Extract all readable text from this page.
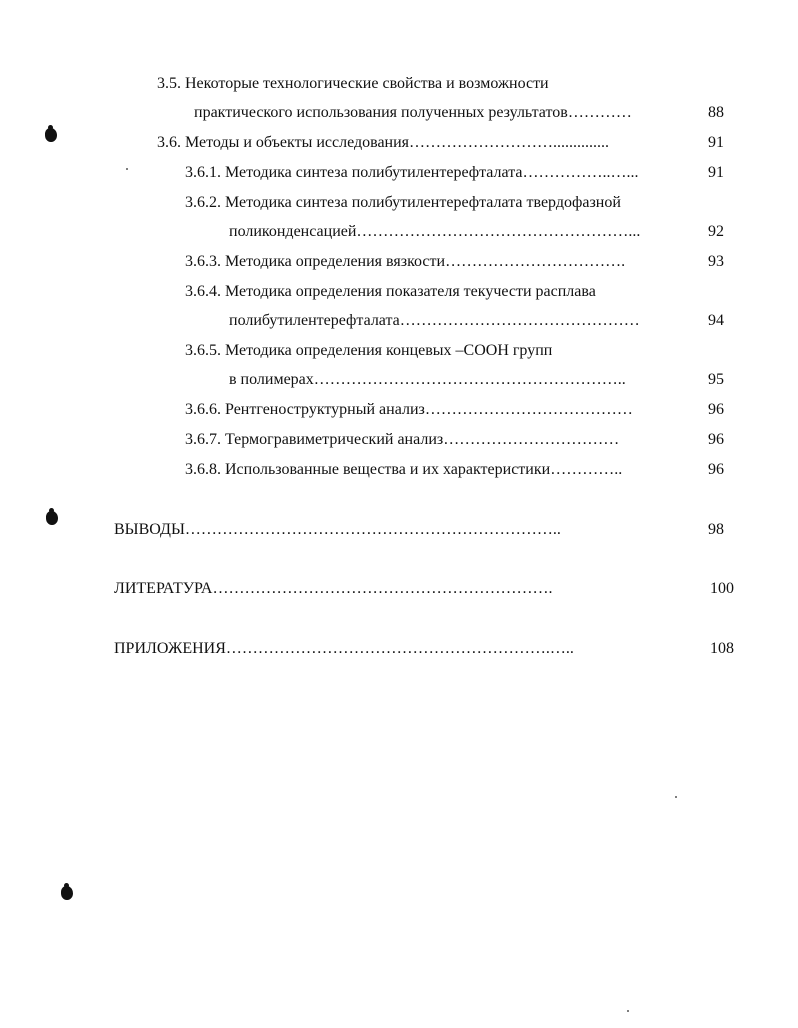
3.5. Некоторые технологические свойства и возможности
практического использования полученных результатов…………	88
3.6. Методы и объекты исследования………………………..............	91
3.6.1. Методика синтеза полибутилентерефталата……………..…...	91
3.6.2. Методика синтеза полибутилентерефталата твердофазной
поликонденсацией……………………………………………...	92
3.6.3. Методика определения вязкости…………………………….	93
3.6.4. Методика определения показателя текучести расплава
полибутилентерефталата………………………………………	94
3.6.5. Методика определения концевых –СООН групп
в полимерах…………………………………………………..	95
3.6.6. Рентгеноструктурный анализ…………………………………	96
3.6.7. Термогравиметрический анализ……………………………	96
3.6.8. Использованные вещества и их характеристики…………..	96
ВЫВОДЫ……………………………………………………………..	98
ЛИТЕРАТУРА……………………………………………………….	100
ПРИЛОЖЕНИЯ…………………………………………………….…..	108
